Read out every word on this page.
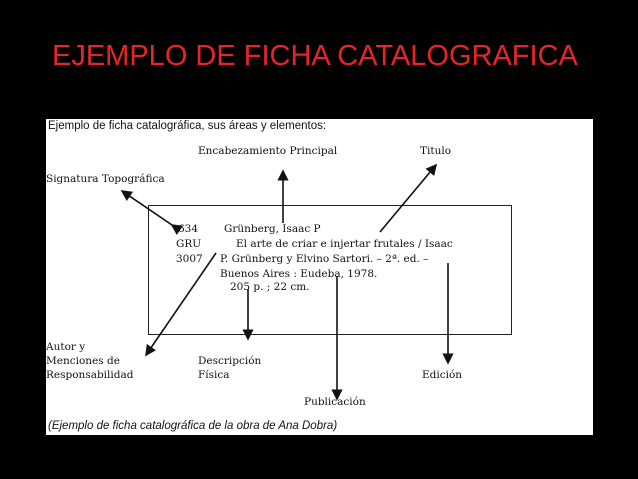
EJEMPLO DE FICHA CATALOGRAFICA
Ejemplo de ficha catalográfica, sus áreas y elementos:
Encabezamiento Principal	Titulo
Signatura Topográfica
634
GRU
3007
Grünberg, Isaac P
El arte de criar e injertar frutales / Isaac
P. Grünberg y Elvino Sartori. – 2ª. ed. –
Buenos Aires : Eudeba, 1978.
205 p. ; 22 cm.
Autor y
Menciones de
Responsabilidad
Descripción
Física	Edición
Publicación
(Ejemplo de ficha catalográfica de la obra de Ana Dobra)
